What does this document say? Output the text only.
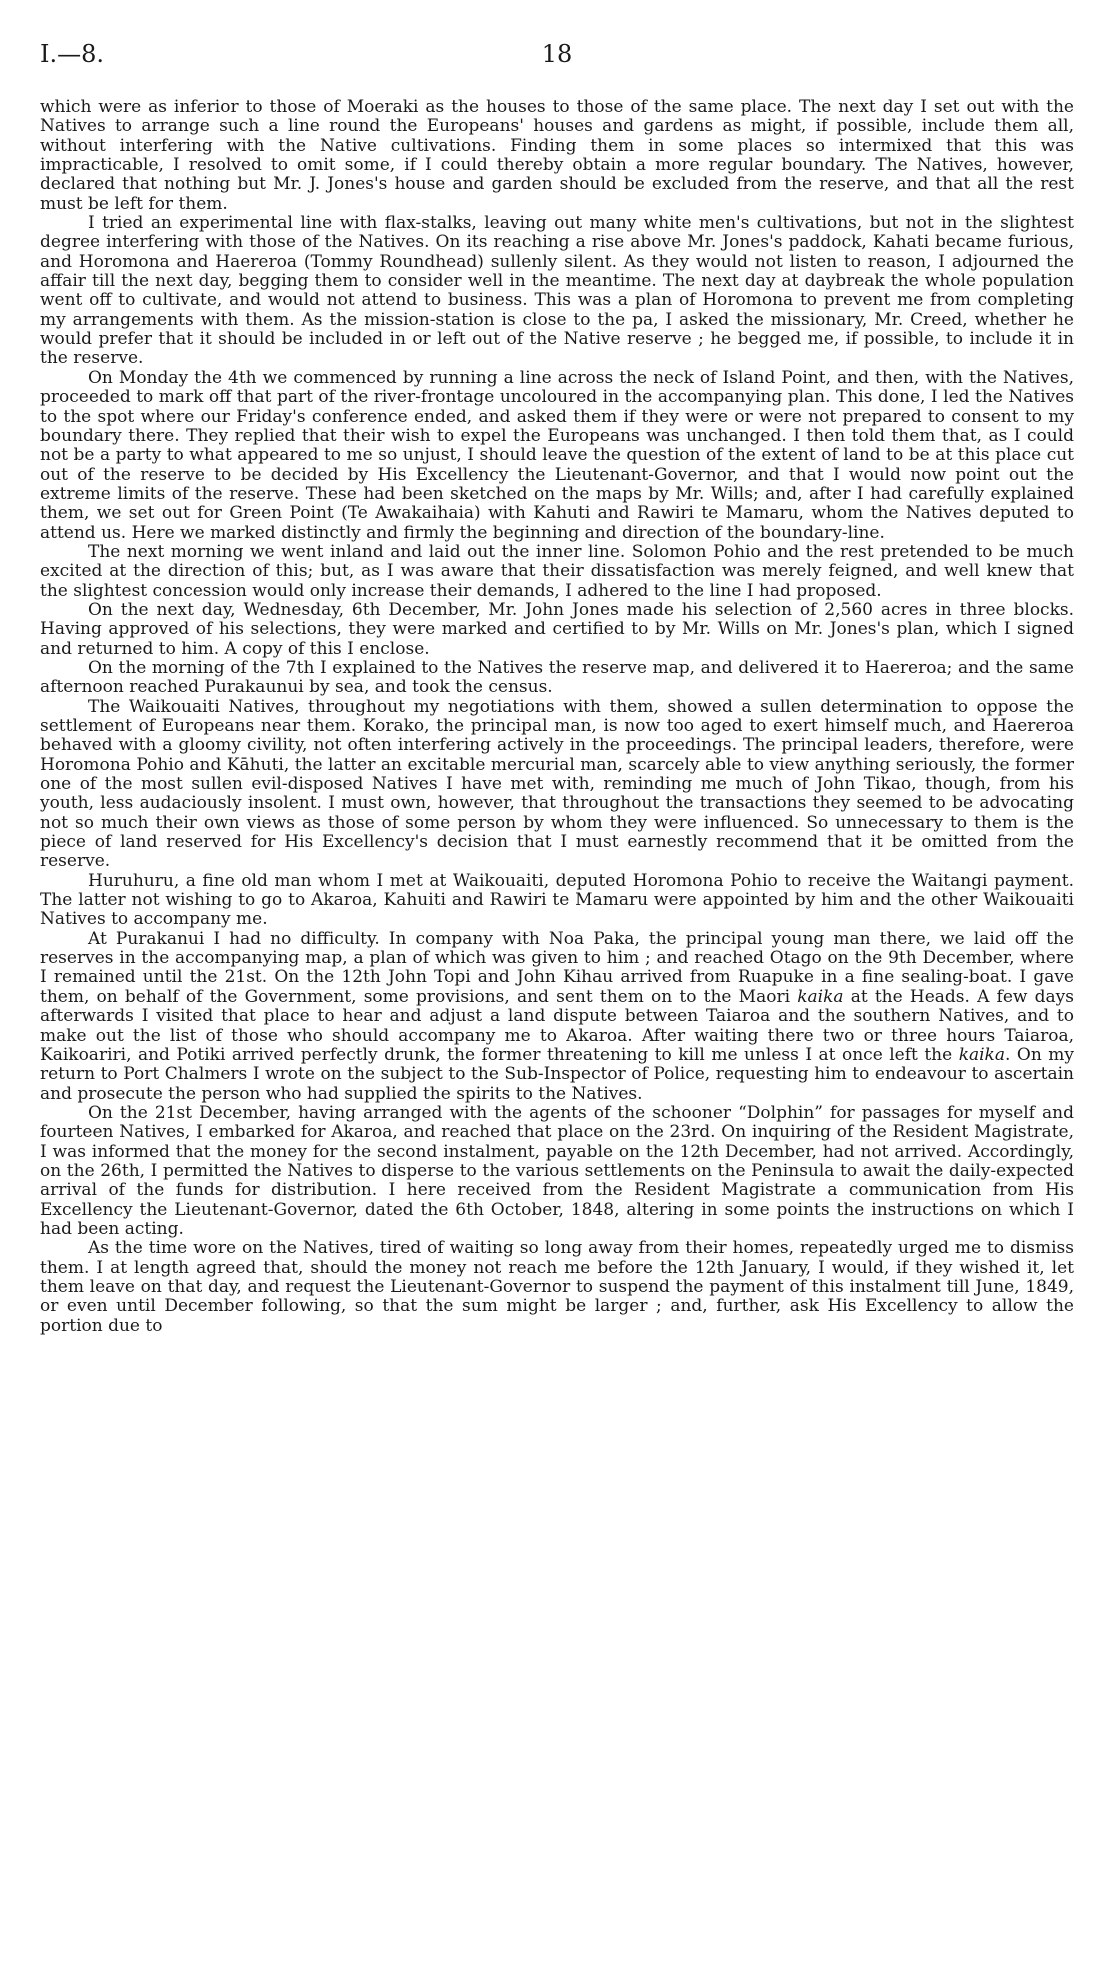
I.—8.	18

which were as inferior to those of Moeraki as the houses to those of the same place. The next day I set out with the Natives to arrange such a line round the Europeans' houses and gardens as might, if possible, include them all, without interfering with the Native cultivations. Finding them in some places so intermixed that this was impracticable, I resolved to omit some, if I could thereby obtain a more regular boundary. The Natives, however, declared that nothing but Mr. J. Jones's house and garden should be excluded from the reserve, and that all the rest must be left for them.

I tried an experimental line with flax-stalks, leaving out many white men's cultivations, but not in the slightest degree interfering with those of the Natives. On its reaching a rise above Mr. Jones's paddock, Kahati became furious, and Horomona and Haereroa (Tommy Roundhead) sullenly silent. As they would not listen to reason, I adjourned the affair till the next day, begging them to consider well in the meantime. The next day at daybreak the whole population went off to cultivate, and would not attend to business. This was a plan of Horomona to prevent me from completing my arrangements with them. As the mission-station is close to the pa, I asked the missionary, Mr. Creed, whether he would prefer that it should be included in or left out of the Native reserve ; he begged me, if possible, to include it in the reserve.

On Monday the 4th we commenced by running a line across the neck of Island Point, and then, with the Natives, proceeded to mark off that part of the river-frontage uncoloured in the accompanying plan. This done, I led the Natives to the spot where our Friday's conference ended, and asked them if they were or were not prepared to consent to my boundary there. They replied that their wish to expel the Europeans was unchanged. I then told them that, as I could not be a party to what appeared to me so unjust, I should leave the question of the extent of land to be at this place cut out of the reserve to be decided by His Excellency the Lieutenant-Governor, and that I would now point out the extreme limits of the reserve. These had been sketched on the maps by Mr. Wills; and, after I had carefully explained them, we set out for Green Point (Te Awakaihaia) with Kahuti and Rawiri te Mamaru, whom the Natives deputed to attend us. Here we marked distinctly and firmly the beginning and direction of the boundary-line.

The next morning we went inland and laid out the inner line. Solomon Pohio and the rest pretended to be much excited at the direction of this; but, as I was aware that their dissatisfaction was merely feigned, and well knew that the slightest concession would only increase their demands, I adhered to the line I had proposed.

On the next day, Wednesday, 6th December, Mr. John Jones made his selection of 2,560 acres in three blocks. Having approved of his selections, they were marked and certified to by Mr. Wills on Mr. Jones's plan, which I signed and returned to him. A copy of this I enclose.

On the morning of the 7th I explained to the Natives the reserve map, and delivered it to Haereroa; and the same afternoon reached Purakaunui by sea, and took the census.

The Waikouaiti Natives, throughout my negotiations with them, showed a sullen determination to oppose the settlement of Europeans near them. Korako, the principal man, is now too aged to exert himself much, and Haereroa behaved with a gloomy civility, not often interfering actively in the proceedings. The principal leaders, therefore, were Horomona Pohio and Kāhuti, the latter an excitable mercurial man, scarcely able to view anything seriously, the former one of the most sullen evil-disposed Natives I have met with, reminding me much of John Tikao, though, from his youth, less audaciously insolent. I must own, however, that throughout the transactions they seemed to be advocating not so much their own views as those of some person by whom they were influenced. So unnecessary to them is the piece of land reserved for His Excellency's decision that I must earnestly recommend that it be omitted from the reserve.

Huruhuru, a fine old man whom I met at Waikouaiti, deputed Horomona Pohio to receive the Waitangi payment. The latter not wishing to go to Akaroa, Kahuiti and Rawiri te Mamaru were appointed by him and the other Waikouaiti Natives to accompany me.

At Purakanui I had no difficulty. In company with Noa Paka, the principal young man there, we laid off the reserves in the accompanying map, a plan of which was given to him ; and reached Otago on the 9th December, where I remained until the 21st. On the 12th John Topi and John Kihau arrived from Ruapuke in a fine sealing-boat. I gave them, on behalf of the Government, some provisions, and sent them on to the Maori kaika at the Heads. A few days afterwards I visited that place to hear and adjust a land dispute between Taiaroa and the southern Natives, and to make out the list of those who should accompany me to Akaroa. After waiting there two or three hours Taiaroa, Kaikoariri, and Potiki arrived perfectly drunk, the former threatening to kill me unless I at once left the kaika. On my return to Port Chalmers I wrote on the subject to the Sub-Inspector of Police, requesting him to endeavour to ascertain and prosecute the person who had supplied the spirits to the Natives.

On the 21st December, having arranged with the agents of the schooner “Dolphin” for passages for myself and fourteen Natives, I embarked for Akaroa, and reached that place on the 23rd. On inquiring of the Resident Magistrate, I was informed that the money for the second instalment, payable on the 12th December, had not arrived. Accordingly, on the 26th, I permitted the Natives to disperse to the various settlements on the Peninsula to await the daily-expected arrival of the funds for distribution. I here received from the Resident Magistrate a communication from His Excellency the Lieutenant-Governor, dated the 6th October, 1848, altering in some points the instructions on which I had been acting.

As the time wore on the Natives, tired of waiting so long away from their homes, repeatedly urged me to dismiss them. I at length agreed that, should the money not reach me before the 12th January, I would, if they wished it, let them leave on that day, and request the Lieutenant-Governor to suspend the payment of this instalment till June, 1849, or even until December following, so that the sum might be larger ; and, further, ask His Excellency to allow the portion due to
